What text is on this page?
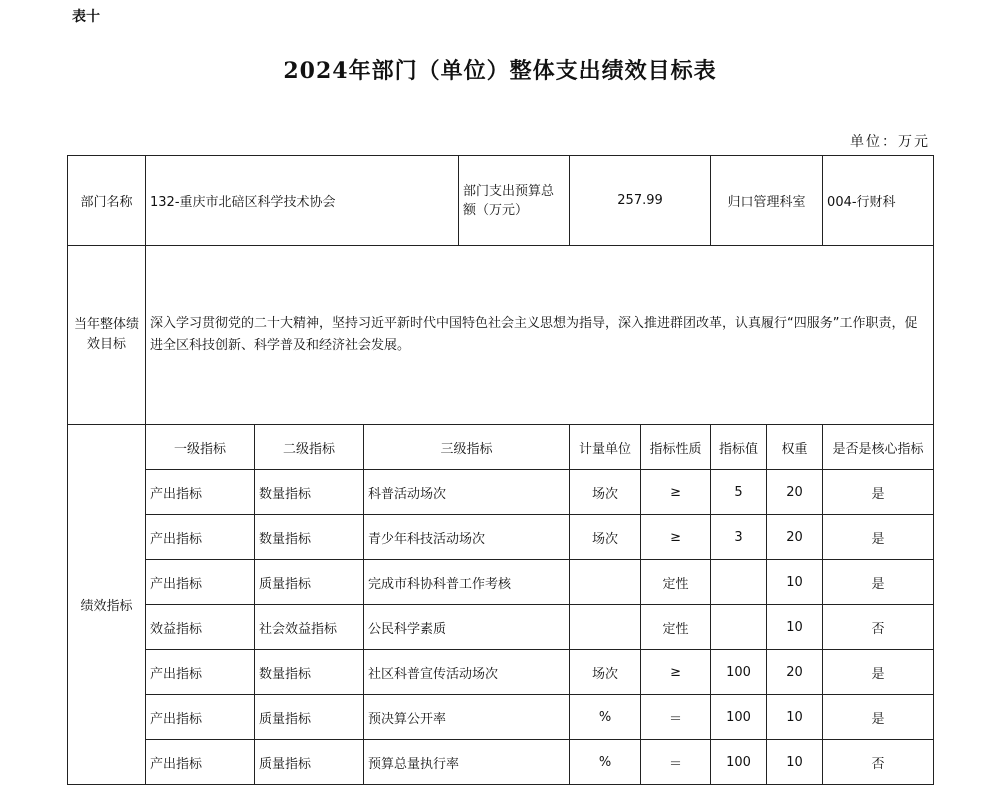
表十
2024年部门（单位）整体支出绩效目标表
单位：万元
部门名称	132-重庆市北碚区科学技术协会			部门支出预算总额（万元）	257.99		归口管理科室		004-行财科
当年整体绩效目标	深入学习贯彻党的二十大精神，坚持习近平新时代中国特色社会主义思想为指导，深入推进群团改革，认真履行“四服务”工作职责，促进全区科技创新、科学普及和经济社会发展。								
绩效指标	一级指标	二级指标	三级指标		计量单位	指标性质	指标值	权重	是否是核心指标
	产出指标	数量指标	科普活动场次		场次	≥	5	20	是
	产出指标	数量指标	青少年科技活动场次		场次	≥	3	20	是
	产出指标	质量指标	完成市科协科普工作考核			定性		10	是
	效益指标	社会效益指标	公民科学素质			定性		10	否
	产出指标	数量指标	社区科普宣传活动场次		场次	≥	100	20	是
	产出指标	质量指标	预决算公开率		%	＝	100	10	是
	产出指标	质量指标	预算总量执行率		%	＝	100	10	否
